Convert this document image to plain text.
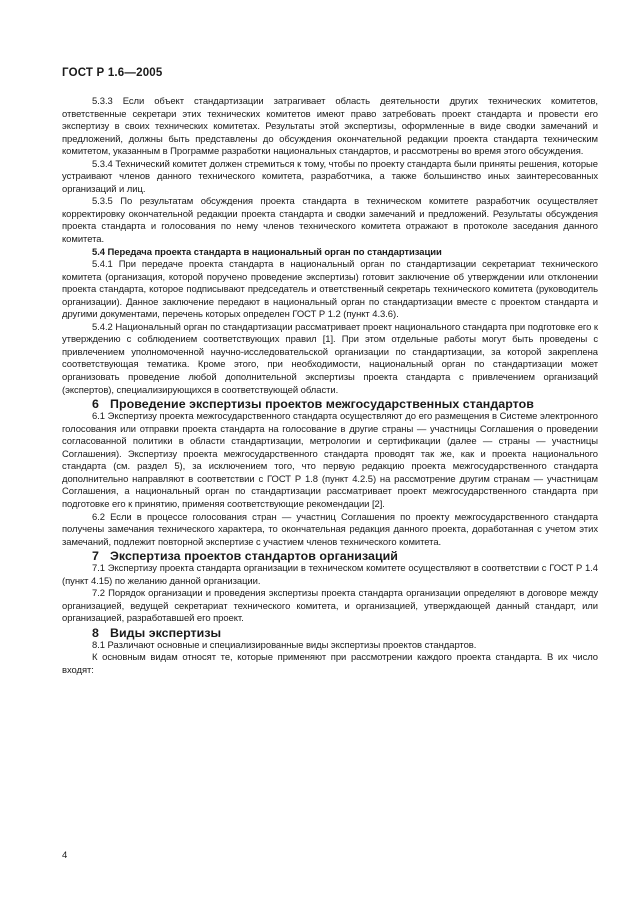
ГОСТ Р 1.6—2005

5.3.3 Если объект стандартизации затрагивает область деятельности других технических комитетов, ответственные секретари этих технических комитетов имеют право затребовать проект стандарта и провести его экспертизу в своих технических комитетах. Результаты этой экспертизы, оформленные в виде сводки замечаний и предложений, должны быть представлены до обсуждения окончательной редакции проекта стандарта техническим комитетом, указанным в Программе разработки национальных стандартов, и рассмотрены во время этого обсуждения.

5.3.4 Технический комитет должен стремиться к тому, чтобы по проекту стандарта были приняты решения, которые устраивают членов данного технического комитета, разработчика, а также большинство иных заинтересованных организаций и лиц.

5.3.5 По результатам обсуждения проекта стандарта в техническом комитете разработчик осуществляет корректировку окончательной редакции проекта стандарта и сводки замечаний и предложений. Результаты обсуждения проекта стандарта и голосования по нему членов технического комитета отражают в протоколе заседания данного комитета.

5.4 Передача проекта стандарта в национальный орган по стандартизации

5.4.1 При передаче проекта стандарта в национальный орган по стандартизации секретариат технического комитета (организация, которой поручено проведение экспертизы) готовит заключение об утверждении или отклонении проекта стандарта, которое подписывают председатель и ответственный секретарь технического комитета (руководитель организации). Данное заключение передают в национальный орган по стандартизации вместе с проектом стандарта и другими документами, перечень которых определен ГОСТ Р 1.2 (пункт 4.3.6).

5.4.2 Национальный орган по стандартизации рассматривает проект национального стандарта при подготовке его к утверждению с соблюдением соответствующих правил [1]. При этом отдельные работы могут быть проведены с привлечением уполномоченной научно-исследовательской организации по стандартизации, за которой закреплена соответствующая тематика. Кроме этого, при необходимости, национальный орган по стандартизации может организовать проведение любой дополнительной экспертизы проекта стандарта с привлечением организаций (экспертов), специализирующихся в соответствующей области.

6 Проведение экспертизы проектов межгосударственных стандартов

6.1 Экспертизу проекта межгосударственного стандарта осуществляют до его размещения в Системе электронного голосования или отправки проекта стандарта на голосование в другие страны — участницы Соглашения о проведении согласованной политики в области стандартизации, метрологии и сертификации (далее — страны — участницы Соглашения). Экспертизу проекта межгосударственного стандарта проводят так же, как и проекта национального стандарта (см. раздел 5), за исключением того, что первую редакцию проекта межгосударственного стандарта дополнительно направляют в соответствии с ГОСТ Р 1.8 (пункт 4.2.5) на рассмотрение другим странам — участницам Соглашения, а национальный орган по стандартизации рассматривает проект межгосударственного стандарта при подготовке его к принятию, применяя соответствующие рекомендации [2].

6.2 Если в процессе голосования стран — участниц Соглашения по проекту межгосударственного стандарта получены замечания технического характера, то окончательная редакция данного проекта, доработанная с учетом этих замечаний, подлежит повторной экспертизе с участием членов технического комитета.

7 Экспертиза проектов стандартов организаций

7.1 Экспертизу проекта стандарта организации в техническом комитете осуществляют в соответствии с ГОСТ Р 1.4 (пункт 4.15) по желанию данной организации.

7.2 Порядок организации и проведения экспертизы проекта стандарта организации определяют в договоре между организацией, ведущей секретариат технического комитета, и организацией, утверждающей данный стандарт, или организацией, разработавшей его проект.

8 Виды экспертизы

8.1 Различают основные и специализированные виды экспертизы проектов стандартов.

К основным видам относят те, которые применяют при рассмотрении каждого проекта стандарта. В их число входят:

4
